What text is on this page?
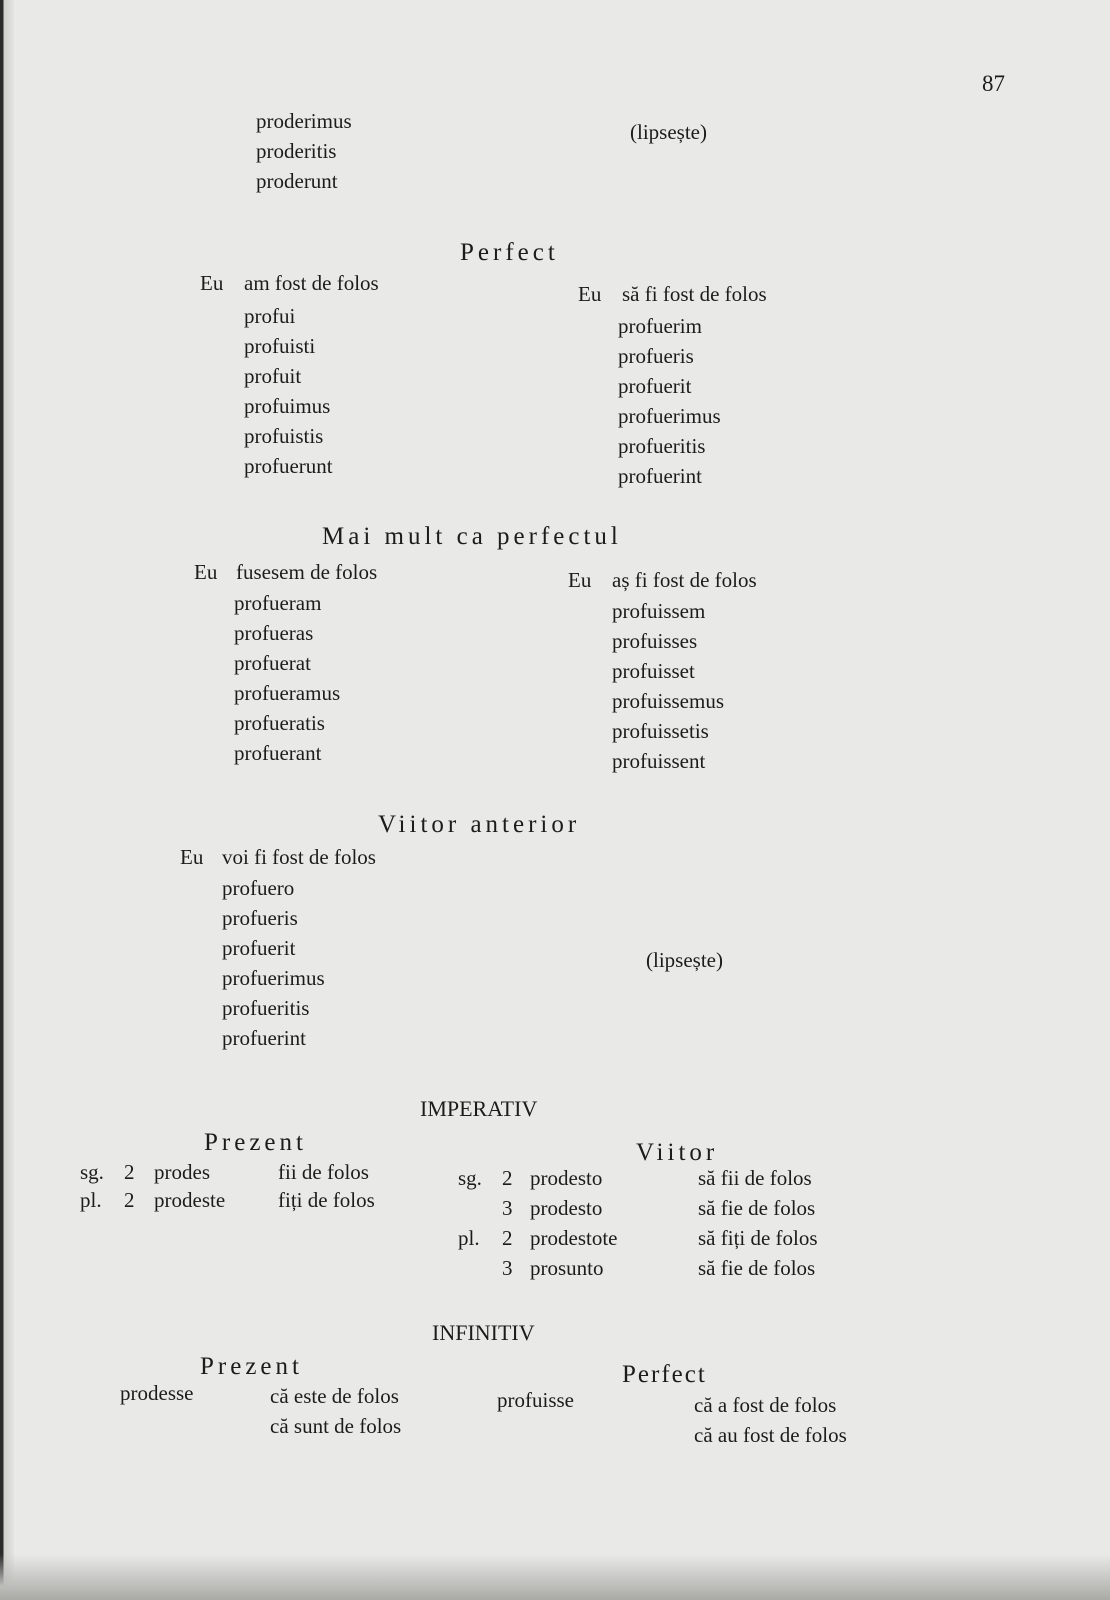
87
proderimus
proderitis
proderunt
(lipsește)
Perfect
Eu am fost de folos
profui
profuisti
profuit
profuimus
profuistis
profuerunt
Eu să fi fost de folos
profuerim
profueris
profuerit
profuerimus
profueritis
profuerint
Mai mult ca perfectul
Eu fusesem de folos
profueram
profueras
profuerat
profueramus
profueratis
profuerant
Eu aș fi fost de folos
profuissem
profuisses
profuisset
profuissemus
profuissetis
profuissent
Viitor anterior
Eu voi fi fost de folos
profuero
profueris
profuerit
profuerimus
profueritis
profuerint
(lipsește)
IMPERATIV
Prezent	Viitor
sg. 2 prodes	fii de folos
pl. 2 prodeste	fiți de folos
sg. 2 prodesto	să fii de folos
3 prodesto	să fie de folos
pl. 2 prodestote	să fiți de folos
3 prosunto	să fie de folos
INFINITIV
Prezent	Perfect
prodesse	că este de folos
că sunt de folos
profuisse	că a fost de folos
că au fost de folos
